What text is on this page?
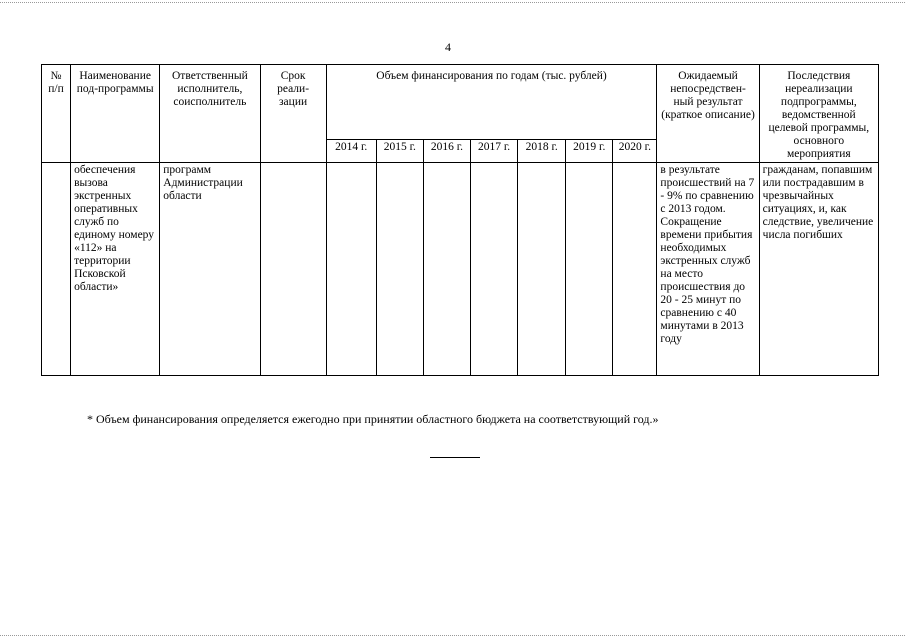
4
№ п/п	Наименование под-программы	Ответственный исполнитель, соисполнитель	Срок реали-зации	Объем финансирования по годам (тыс. рублей)							Ожидаемый непосредствен-ный результат (краткое описание)	Последствия нереализации подпрограммы, ведомственной целевой программы, основного мероприятия
				2014 г.	2015 г.	2016 г.	2017 г.	2018 г.	2019 г.	2020 г.		
	обеспечения вызова экстренных оперативных служб по единому номеру «112» на территории Псковской области»	программ Администрации области									в результате происшествий на 7 - 9% по сравнению с 2013 годом. Сокращение времени прибытия необходимых экстренных служб на место происшествия до 20 - 25 минут по сравнению с 40 минутами в 2013 году	гражданам, попавшим или пострадавшим в чрезвычайных ситуациях, и, как следствие, увеличение числа погибших
* Объем финансирования определяется ежегодно при принятии областного бюджета на соответствующий год.»
